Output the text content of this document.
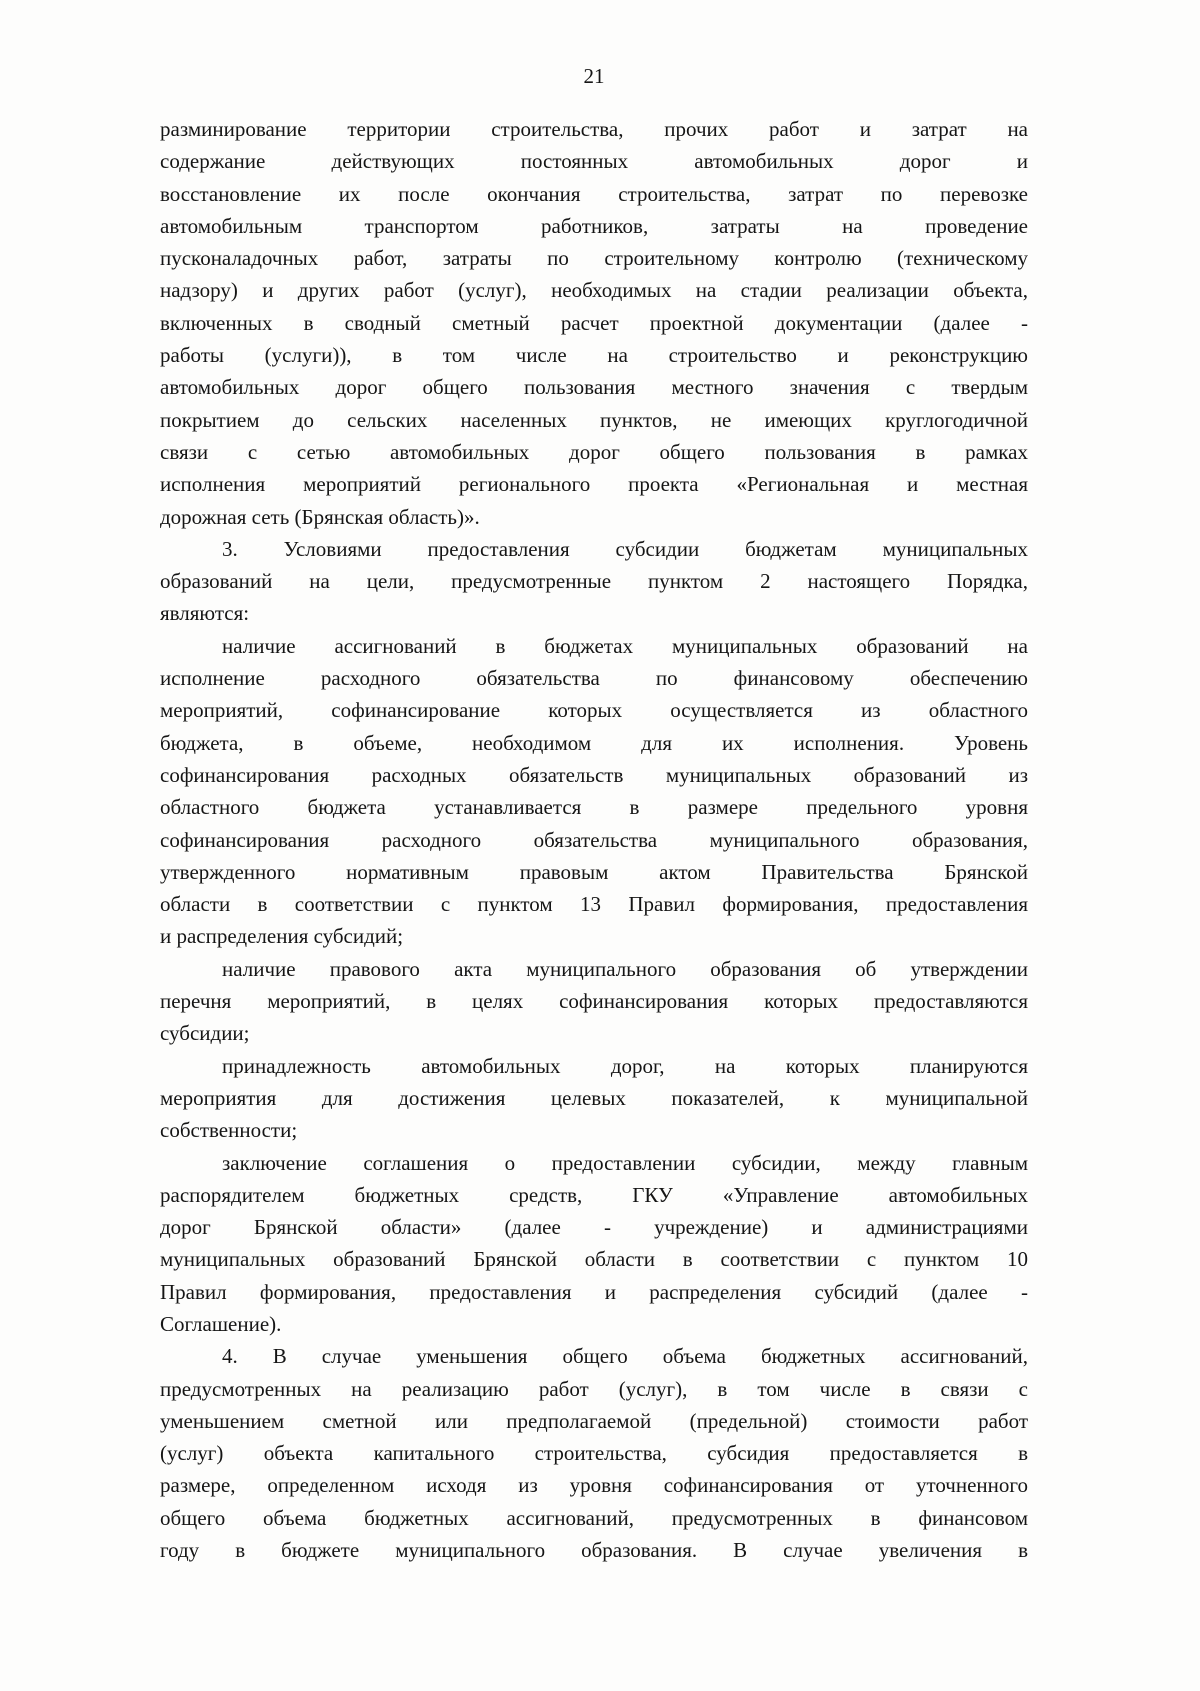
21
разминирование территории строительства, прочих работ и затрат на
содержание действующих постоянных автомобильных дорог и
восстановление их после окончания строительства, затрат по перевозке
автомобильным транспортом работников, затраты на проведение
пусконаладочных работ, затраты по строительному контролю (техническому
надзору) и других работ (услуг), необходимых на стадии реализации объекта,
включенных в сводный сметный расчет проектной документации (далее -
работы (услуги)), в том числе на строительство и реконструкцию
автомобильных дорог общего пользования местного значения с твердым
покрытием до сельских населенных пунктов, не имеющих круглогодичной
связи с сетью автомобильных дорог общего пользования в рамках
исполнения мероприятий регионального проекта «Региональная и местная
дорожная сеть (Брянская область)».
3. Условиями предоставления субсидии бюджетам муниципальных
образований на цели, предусмотренные пунктом 2 настоящего Порядка,
являются:
наличие ассигнований в бюджетах муниципальных образований на
исполнение расходного обязательства по финансовому обеспечению
мероприятий, софинансирование которых осуществляется из областного
бюджета, в объеме, необходимом для их исполнения. Уровень
софинансирования расходных обязательств муниципальных образований из
областного бюджета устанавливается в размере предельного уровня
софинансирования расходного обязательства муниципального образования,
утвержденного нормативным правовым актом Правительства Брянской
области в соответствии с пунктом 13 Правил формирования, предоставления
и распределения субсидий;
наличие правового акта муниципального образования об утверждении
перечня мероприятий, в целях софинансирования которых предоставляются
субсидии;
принадлежность автомобильных дорог, на которых планируются
мероприятия для достижения целевых показателей, к муниципальной
собственности;
заключение соглашения о предоставлении субсидии, между главным
распорядителем бюджетных средств, ГКУ «Управление автомобильных
дорог Брянской области» (далее - учреждение) и администрациями
муниципальных образований Брянской области в соответствии с пунктом 10
Правил формирования, предоставления и распределения субсидий (далее -
Соглашение).
4. В случае уменьшения общего объема бюджетных ассигнований,
предусмотренных на реализацию работ (услуг), в том числе в связи с
уменьшением сметной или предполагаемой (предельной) стоимости работ
(услуг) объекта капитального строительства, субсидия предоставляется в
размере, определенном исходя из уровня софинансирования от уточненного
общего объема бюджетных ассигнований, предусмотренных в финансовом
году в бюджете муниципального образования. В случае увеличения в
